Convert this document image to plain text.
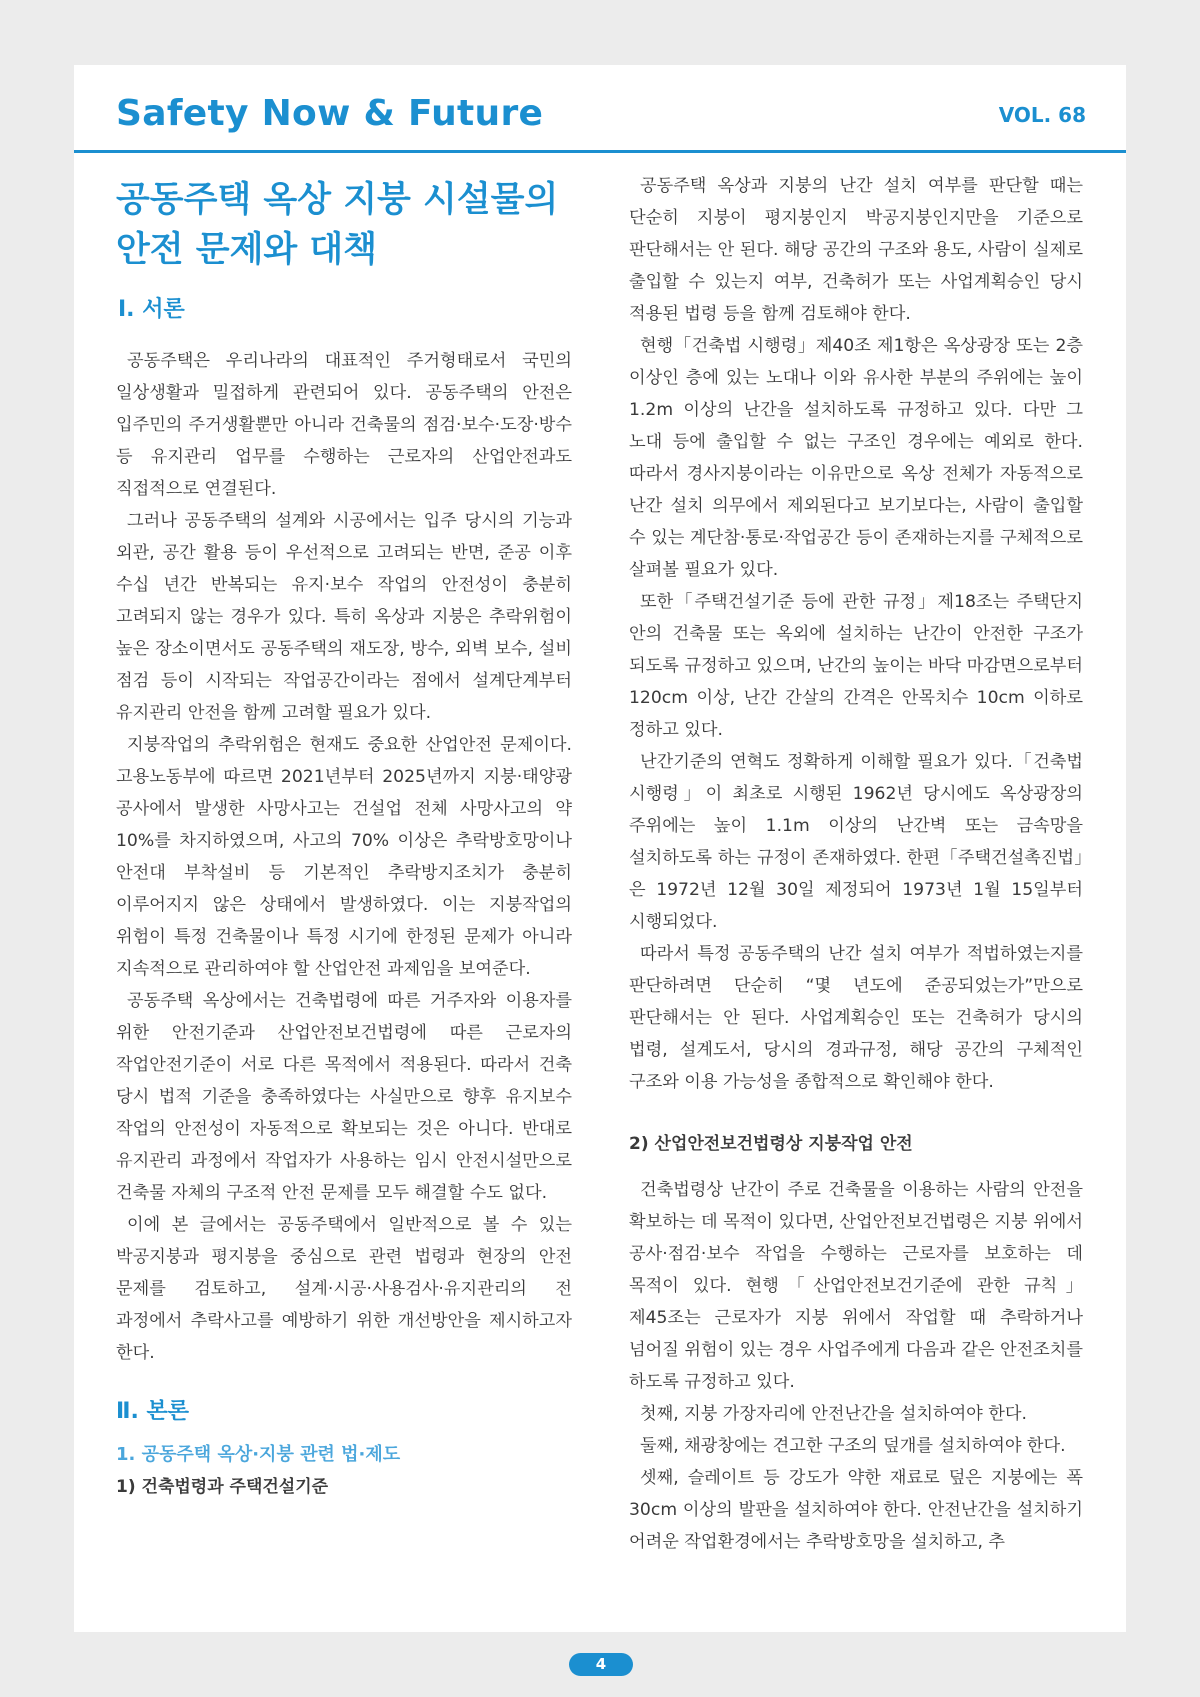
Safety Now & Future	VOL. 68
공동주택 옥상 지붕 시설물의 안전 문제와 대책
Ⅰ. 서론

공동주택은 우리나라의 대표적인 주거형태로서 국민의 일상생활과 밀접하게 관련되어 있다. 공동주택의 안전은 입주민의 주거생활뿐만 아니라 건축물의 점검·보수·도장·방수 등 유지관리 업무를 수행하는 근로자의 산업안전과도 직접적으로 연결된다.

그러나 공동주택의 설계와 시공에서는 입주 당시의 기능과 외관, 공간 활용 등이 우선적으로 고려되는 반면, 준공 이후 수십 년간 반복되는 유지·보수 작업의 안전성이 충분히 고려되지 않는 경우가 있다. 특히 옥상과 지붕은 추락위험이 높은 장소이면서도 공동주택의 재도장, 방수, 외벽 보수, 설비 점검 등이 시작되는 작업공간이라는 점에서 설계단계부터 유지관리 안전을 함께 고려할 필요가 있다.

지붕작업의 추락위험은 현재도 중요한 산업안전 문제이다. 고용노동부에 따르면 2021년부터 2025년까지 지붕·태양광 공사에서 발생한 사망사고는 건설업 전체 사망사고의 약 10%를 차지하였으며, 사고의 70% 이상은 추락방호망이나 안전대 부착설비 등 기본적인 추락방지조치가 충분히 이루어지지 않은 상태에서 발생하였다. 이는 지붕작업의 위험이 특정 건축물이나 특정 시기에 한정된 문제가 아니라 지속적으로 관리하여야 할 산업안전 과제임을 보여준다.

공동주택 옥상에서는 건축법령에 따른 거주자와 이용자를 위한 안전기준과 산업안전보건법령에 따른 근로자의 작업안전기준이 서로 다른 목적에서 적용된다. 따라서 건축 당시 법적 기준을 충족하였다는 사실만으로 향후 유지보수 작업의 안전성이 자동적으로 확보되는 것은 아니다. 반대로 유지관리 과정에서 작업자가 사용하는 임시 안전시설만으로 건축물 자체의 구조적 안전 문제를 모두 해결할 수도 없다.

이에 본 글에서는 공동주택에서 일반적으로 볼 수 있는 박공지붕과 평지붕을 중심으로 관련 법령과 현장의 안전 문제를 검토하고, 설계·시공·사용검사·유지관리의 전 과정에서 추락사고를 예방하기 위한 개선방안을 제시하고자 한다.

Ⅱ. 본론
1. 공동주택 옥상·지붕 관련 법·제도
1) 건축법령과 주택건설기준

공동주택 옥상과 지붕의 난간 설치 여부를 판단할 때는 단순히 지붕이 평지붕인지 박공지붕인지만을 기준으로 판단해서는 안 된다. 해당 공간의 구조와 용도, 사람이 실제로 출입할 수 있는지 여부, 건축허가 또는 사업계획승인 당시 적용된 법령 등을 함께 검토해야 한다.

현행「건축법 시행령」제40조 제1항은 옥상광장 또는 2층 이상인 층에 있는 노대나 이와 유사한 부분의 주위에는 높이 1.2m 이상의 난간을 설치하도록 규정하고 있다. 다만 그 노대 등에 출입할 수 없는 구조인 경우에는 예외로 한다. 따라서 경사지붕이라는 이유만으로 옥상 전체가 자동적으로 난간 설치 의무에서 제외된다고 보기보다는, 사람이 출입할 수 있는 계단참·통로·작업공간 등이 존재하는지를 구체적으로 살펴볼 필요가 있다.

또한「주택건설기준 등에 관한 규정」제18조는 주택단지 안의 건축물 또는 옥외에 설치하는 난간이 안전한 구조가 되도록 규정하고 있으며, 난간의 높이는 바닥 마감면으로부터 120cm 이상, 난간 간살의 간격은 안목치수 10cm 이하로 정하고 있다.

난간기준의 연혁도 정확하게 이해할 필요가 있다.「건축법 시행령」이 최초로 시행된 1962년 당시에도 옥상광장의 주위에는 높이 1.1m 이상의 난간벽 또는 금속망을 설치하도록 하는 규정이 존재하였다. 한편「주택건설촉진법」은 1972년 12월 30일 제정되어 1973년 1월 15일부터 시행되었다.

따라서 특정 공동주택의 난간 설치 여부가 적법하였는지를 판단하려면 단순히 “몇 년도에 준공되었는가”만으로 판단해서는 안 된다. 사업계획승인 또는 건축허가 당시의 법령, 설계도서, 당시의 경과규정, 해당 공간의 구체적인 구조와 이용 가능성을 종합적으로 확인해야 한다.

2) 산업안전보건법령상 지붕작업 안전

건축법령상 난간이 주로 건축물을 이용하는 사람의 안전을 확보하는 데 목적이 있다면, 산업안전보건법령은 지붕 위에서 공사·점검·보수 작업을 수행하는 근로자를 보호하는 데 목적이 있다. 현행「산업안전보건기준에 관한 규칙」제45조는 근로자가 지붕 위에서 작업할 때 추락하거나 넘어질 위험이 있는 경우 사업주에게 다음과 같은 안전조치를 하도록 규정하고 있다.

첫째, 지붕 가장자리에 안전난간을 설치하여야 한다.

둘째, 채광창에는 견고한 구조의 덮개를 설치하여야 한다.

셋째, 슬레이트 등 강도가 약한 재료로 덮은 지붕에는 폭 30cm 이상의 발판을 설치하여야 한다. 안전난간을 설치하기 어려운 작업환경에서는 추락방호망을 설치하고, 추

4
